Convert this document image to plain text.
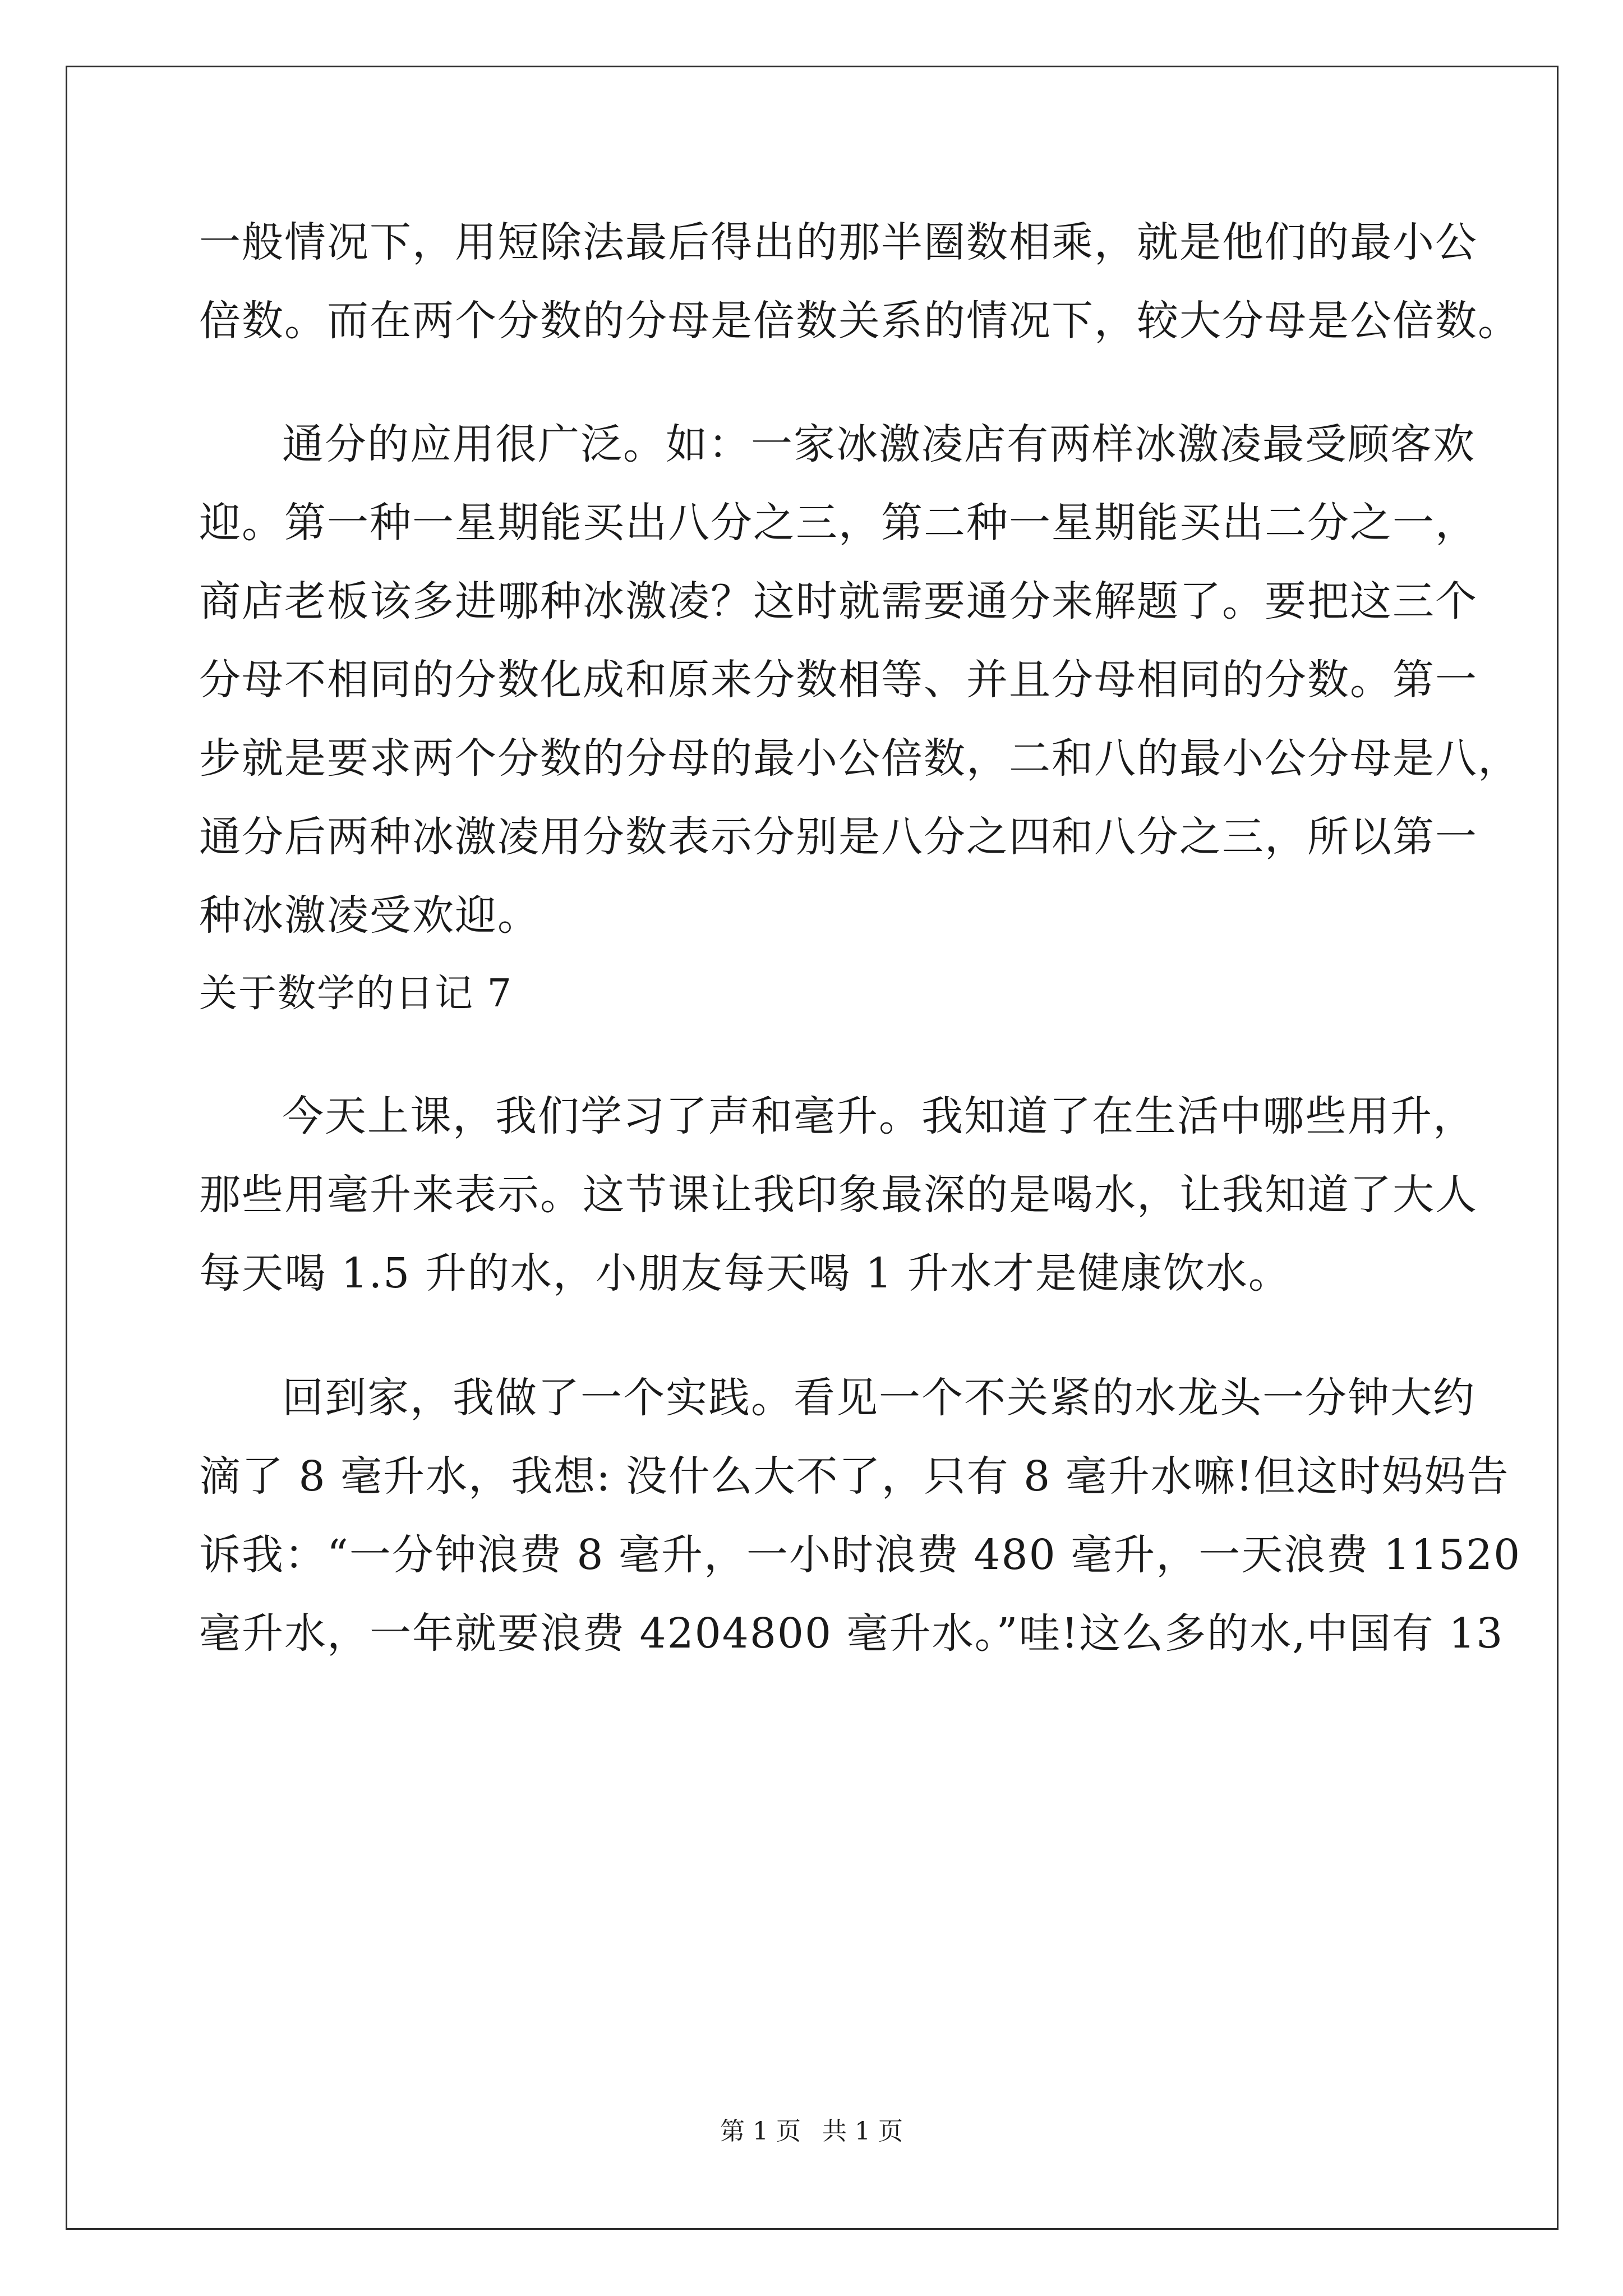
一般情况下，用短除法最后得出的那半圈数相乘，就是他们的最小公
倍数。而在两个分数的分母是倍数关系的情况下，较大分母是公倍数。
通分的应用很广泛。如：一家冰激凌店有两样冰激凌最受顾客欢
迎。第一种一星期能买出八分之三，第二种一星期能买出二分之一，
商店老板该多进哪种冰激凌？这时就需要通分来解题了。要把这三个
分母不相同的分数化成和原来分数相等、并且分母相同的分数。第一
步就是要求两个分数的分母的最小公倍数，二和八的最小公分母是八，
通分后两种冰激凌用分数表示分别是八分之四和八分之三，所以第一
种冰激凌受欢迎。
关于数学的日记 7
今天上课，我们学习了声和毫升。我知道了在生活中哪些用升，
那些用毫升来表示。这节课让我印象最深的是喝水，让我知道了大人
每天喝 1.5 升的水，小朋友每天喝 1 升水才是健康饮水。
回到家，我做了一个实践。看见一个不关紧的水龙头一分钟大约
滴了 8 毫升水，我想: 没什么大不了，只有 8 毫升水嘛!但这时妈妈告
诉我：“一分钟浪费 8 毫升，一小时浪费 480 毫升，一天浪费 11520
毫升水，一年就要浪费 4204800 毫升水。”哇!这么多的水,中国有 13
第 1 页 共 1 页
